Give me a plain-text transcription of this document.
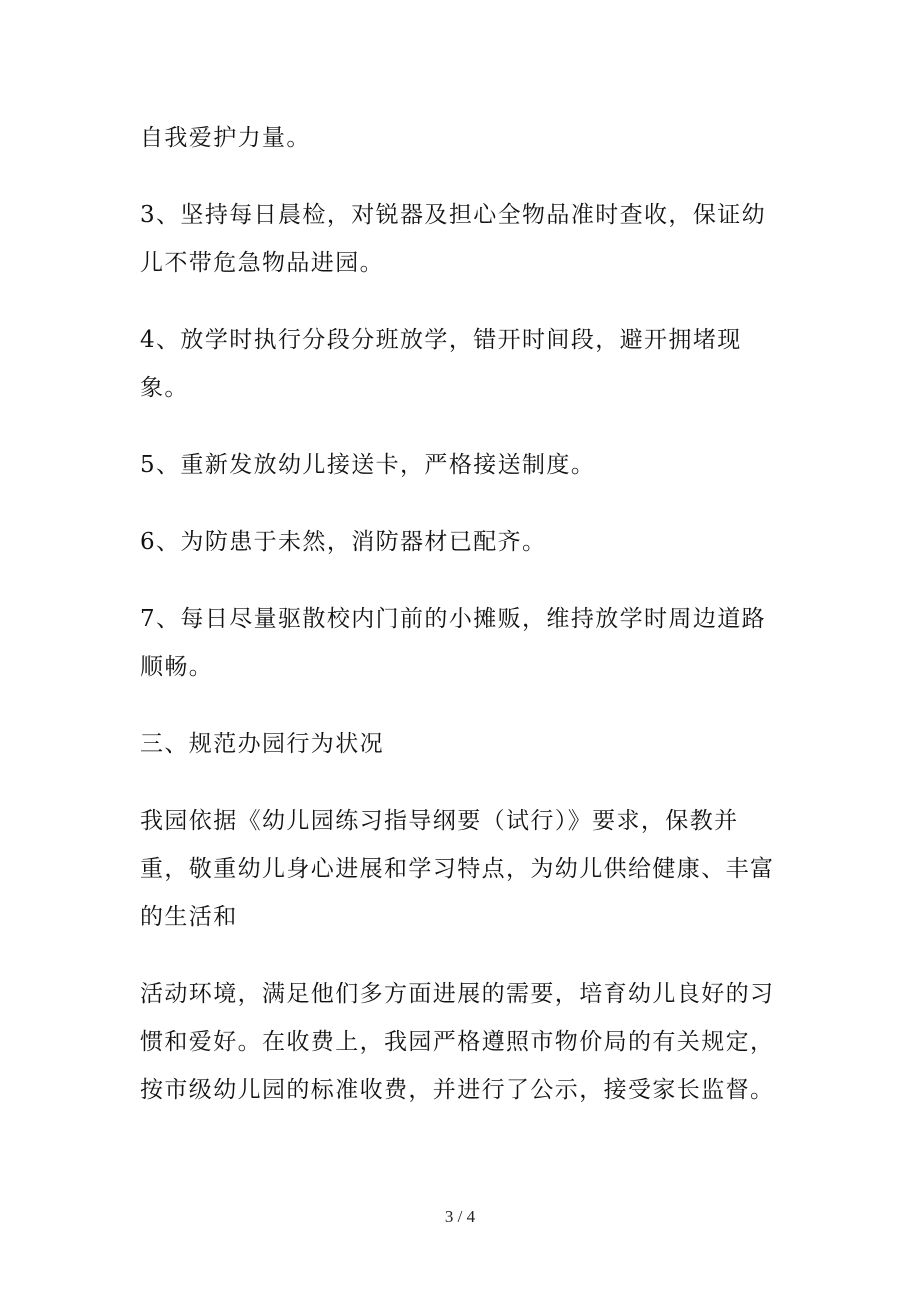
自我爱护力量。

3、坚持每日晨检，对锐器及担心全物品准时查收，保证幼儿不带危急物品进园。

4、放学时执行分段分班放学，错开时间段，避开拥堵现象。

5、重新发放幼儿接送卡，严格接送制度。

6、为防患于未然，消防器材已配齐。

7、每日尽量驱散校内门前的小摊贩，维持放学时周边道路顺畅。

三、规范办园行为状况

我园依据《幼儿园练习指导纲要（试行）》要求，保教并重，敬重幼儿身心进展和学习特点，为幼儿供给健康、丰富的生活和

活动环境，满足他们多方面进展的需要，培育幼儿良好的习惯和爱好。在收费上，我园严格遵照市物价局的有关规定，按市级幼儿园的标准收费，并进行了公示，接受家长监督。

3 / 4
